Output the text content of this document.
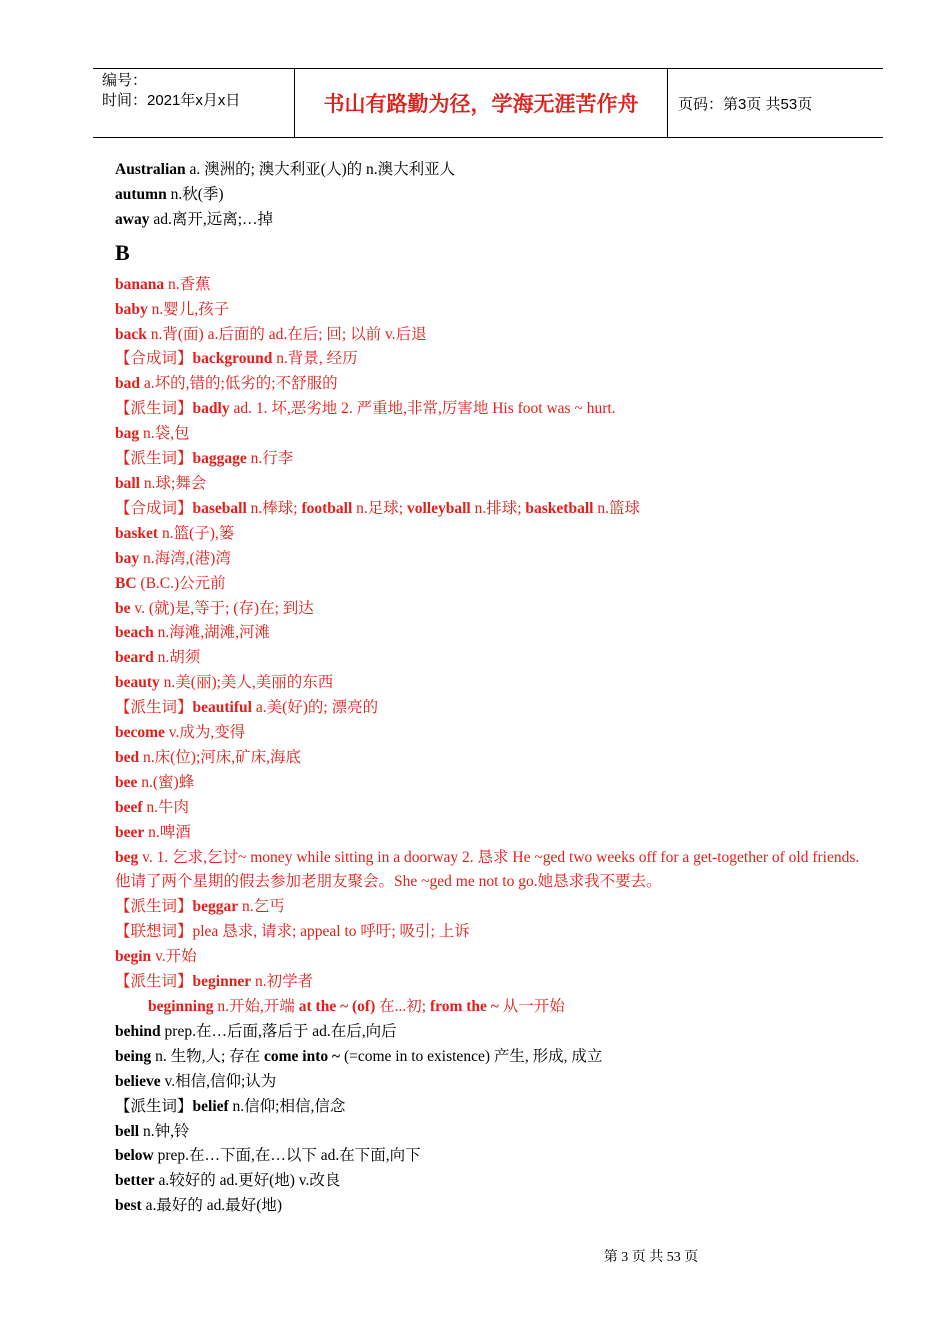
编号：
时间：2021年x月x日	书山有路勤为径，学海无涯苦作舟	页码：第3页 共53页
Australian a. 澳洲的; 澳大利亚(人)的 n.澳大利亚人
autumn n.秋(季)
away ad.离开,远离;…掉
B
banana n.香蕉
baby n.婴儿,孩子
back n.背(面) a.后面的 ad.在后; 回; 以前 v.后退
【合成词】background n.背景, 经历
bad a.坏的,错的;低劣的;不舒服的
【派生词】badly ad. 1. 坏,恶劣地 2. 严重地,非常,厉害地 His foot was ~ hurt.
bag n.袋,包
【派生词】baggage n.行李
ball n.球;舞会
【合成词】baseball n.棒球; football n.足球; volleyball n.排球; basketball n.篮球
basket n.篮(子),篓
bay n.海湾,(港)湾
BC (B.C.)公元前
be v. (就)是,等于; (存)在; 到达
beach n.海滩,湖滩,河滩
beard n.胡须
beauty n.美(丽);美人,美丽的东西
【派生词】beautiful a.美(好)的; 漂亮的
become v.成为,变得
bed n.床(位);河床,矿床,海底
bee n.(蜜)蜂
beef n.牛肉
beer n.啤酒
beg v. 1. 乞求,乞讨~ money while sitting in a doorway 2. 恳求 He ~ged two weeks off for a get-together of old friends. 他请了两个星期的假去参加老朋友聚会。She ~ged me not to go.她恳求我不要去。
【派生词】beggar n.乞丐
【联想词】plea 恳求, 请求; appeal to 呼吁; 吸引; 上诉
begin v.开始
【派生词】beginner n.初学者
beginning n.开始,开端 at the ~ (of) 在...初; from the ~ 从一开始
behind prep.在…后面,落后于 ad.在后,向后
being n. 生物,人; 存在 come into ~ (=come in to existence) 产生, 形成, 成立
believe v.相信,信仰;认为
【派生词】belief n.信仰;相信,信念
bell n.钟,铃
below prep.在…下面,在…以下 ad.在下面,向下
better a.较好的 ad.更好(地) v.改良
best a.最好的 ad.最好(地)
第 3 页 共 53 页
